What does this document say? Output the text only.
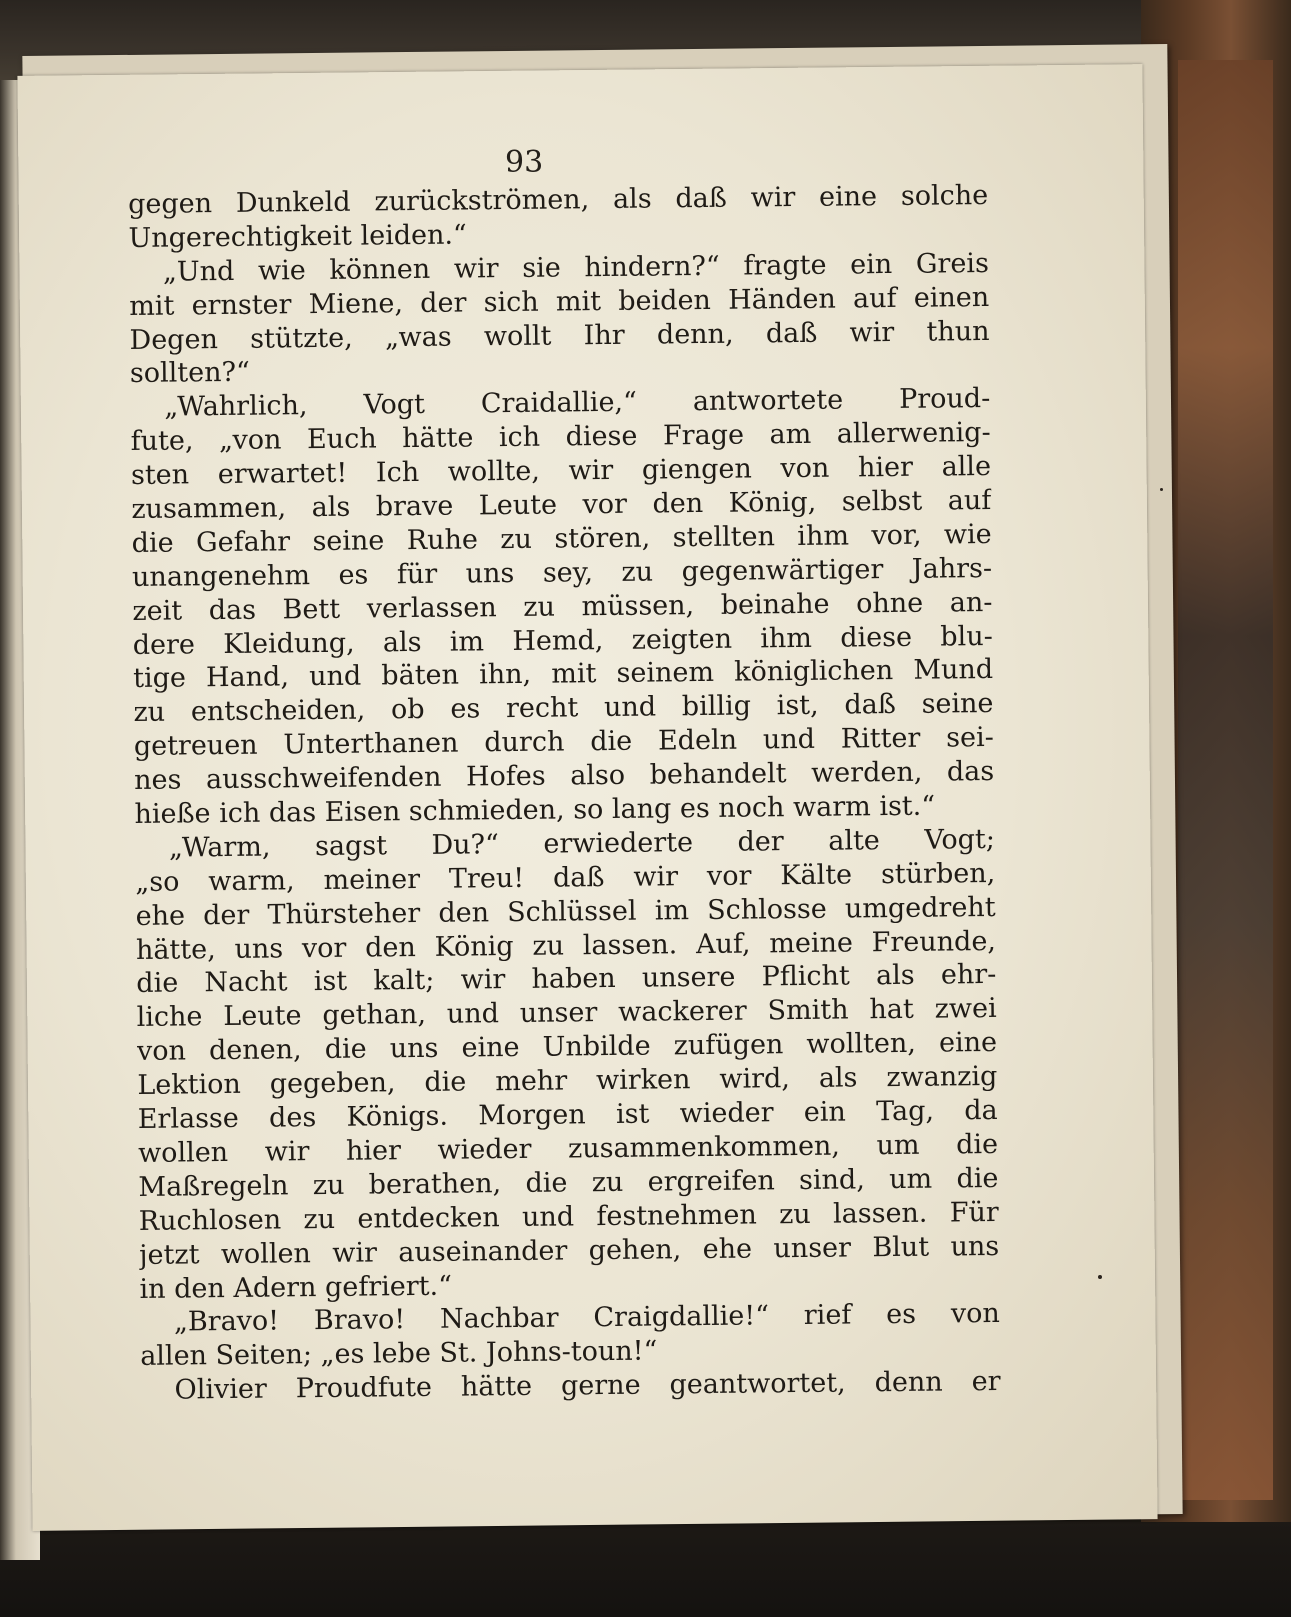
93
gegen Dunkeld zurückströmen, als daß wir eine solche
Ungerechtigkeit leiden.“
„Und wie können wir sie hindern?“ fragte ein Greis
mit ernster Miene, der sich mit beiden Händen auf einen
Degen stützte, „was wollt Ihr denn, daß wir thun
sollten?“
„Wahrlich, Vogt Craidallie,“ antwortete Proud-
fute, „von Euch hätte ich diese Frage am allerwenig-
sten erwartet! Ich wollte, wir giengen von hier alle
zusammen, als brave Leute vor den König, selbst auf
die Gefahr seine Ruhe zu stören, stellten ihm vor, wie
unangenehm es für uns sey, zu gegenwärtiger Jahrs-
zeit das Bett verlassen zu müssen, beinahe ohne an-
dere Kleidung, als im Hemd, zeigten ihm diese blu-
tige Hand, und bäten ihn, mit seinem königlichen Mund
zu entscheiden, ob es recht und billig ist, daß seine
getreuen Unterthanen durch die Edeln und Ritter sei-
nes ausschweifenden Hofes also behandelt werden, das
hieße ich das Eisen schmieden, so lang es noch warm ist.“
„Warm, sagst Du?“ erwiederte der alte Vogt;
„so warm, meiner Treu! daß wir vor Kälte stürben,
ehe der Thürsteher den Schlüssel im Schlosse umgedreht
hätte, uns vor den König zu lassen. Auf, meine Freunde,
die Nacht ist kalt; wir haben unsere Pflicht als ehr-
liche Leute gethan, und unser wackerer Smith hat zwei
von denen, die uns eine Unbilde zufügen wollten, eine
Lektion gegeben, die mehr wirken wird, als zwanzig
Erlasse des Königs. Morgen ist wieder ein Tag, da
wollen wir hier wieder zusammenkommen, um die
Maßregeln zu berathen, die zu ergreifen sind, um die
Ruchlosen zu entdecken und festnehmen zu lassen. Für
jetzt wollen wir auseinander gehen, ehe unser Blut uns
in den Adern gefriert.“
„Bravo! Bravo! Nachbar Craigdallie!“ rief es von
allen Seiten; „es lebe St. Johns-toun!“
Olivier Proudfute hätte gerne geantwortet, denn er
